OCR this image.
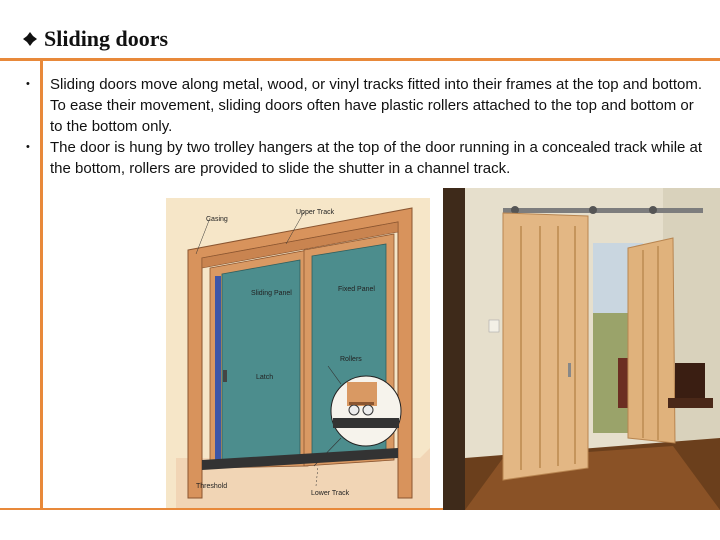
Sliding doors

•	Sliding doors move along metal, wood, or vinyl tracks fitted into their frames at the top and bottom. To ease their movement, sliding doors often have plastic rollers attached to the top and bottom or to the bottom only.

•	The door is hung by two trolley hangers at the top of the door running in a concealed track while at the bottom, rollers are provided to slide the shutter in a channel track.

Casing
Upper Track
Sliding Panel
Fixed Panel
Rollers
Latch
Threshold
Lower Track
